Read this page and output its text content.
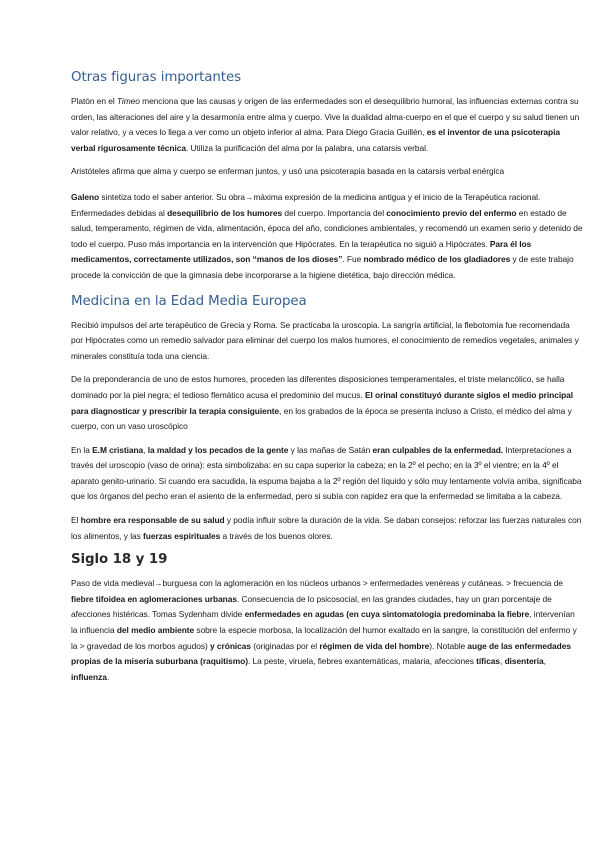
Otras figuras importantes

Platón en el Timeo menciona que las causas y origen de las enfermedades son el desequilibrio humoral, las influencias externas contra su orden, las alteraciones del aire y la desarmonía entre alma y cuerpo. Vive la dualidad alma-cuerpo en el que el cuerpo y su salud tienen un valor relativo, y a veces lo llega a ver como un objeto inferior al alma. Para Diego Gracia Guillén, es el inventor de una psicoterapia verbal rigurosamente técnica. Utiliza la purificación del alma por la palabra, una catarsis verbal.

Aristóteles afirma que alma y cuerpo se enferman juntos, y usó una psicoterapia basada en la catarsis verbal enérgica

Galeno sintetiza todo el saber anterior. Su obra→máxima expresión de la medicina antigua y el inicio de la Terapéutica racional. Enfermedades debidas al desequilibrio de los humores del cuerpo. Importancia del conocimiento previo del enfermo en estado de salud, temperamento, régimen de vida, alimentación, época del año, condiciones ambientales, y recomendó un examen serio y detenido de todo el cuerpo. Puso más importancia en la intervención que Hipócrates. En la terapéutica no siguió a Hipócrates. Para él los medicamentos, correctamente utilizados, son “manos de los dioses”. Fue nombrado médico de los gladiadores y de este trabajo procede la convicción de que la gimnasia debe incorporarse a la higiene dietética, bajo dirección médica.

Medicina en la Edad Media Europea

Recibió impulsos del arte terapéutico de Grecia y Roma. Se practicaba la uroscopia. La sangría artificial, la flebotomía fue recomendada por Hipócrates como un remedio salvador para eliminar del cuerpo los malos humores, el conocimiento de remedios vegetales, animales y minerales constituía toda una ciencia.

De la preponderancia de uno de estos humores, proceden las diferentes disposiciones temperamentales, el triste melancólico, se halla dominado por la piel negra; el tedioso flemático acusa el predominio del mucus. El orinal constituyó durante siglos el medio principal para diagnosticar y prescribir la terapia consiguiente, en los grabados de la época se presenta incluso a Cristo, el médico del alma y cuerpo, con un vaso uroscópico

En la E.M cristiana, la maldad y los pecados de la gente y las mañas de Satán eran culpables de la enfermedad. Interpretaciones a través del uroscopio (vaso de orina): esta simbolizaba: en su capa superior la cabeza; en la 2º el pecho; en la 3º el vientre; en la 4º el aparato genito-urinario. Si cuando era sacudida, la espuma bajaba a la 2º región del líquido y sólo muy lentamente volvía arriba, significaba que los órganos del pecho eran el asiento de la enfermedad, pero si subía con rapidez era que la enfermedad se limitaba a la cabeza.

El hombre era responsable de su salud y podía influir sobre la duración de la vida. Se daban consejos: reforzar las fuerzas naturales con los alimentos, y las fuerzas espirituales a través de los buenos olores.

Siglo 18 y 19

Paso de vida medieval→burguesa con la aglomeración en los núcleos urbanos > enfermedades venéreas y cutáneas. > frecuencia de fiebre tifoidea en aglomeraciones urbanas. Consecuencia de lo psicosocial, en las grandes ciudades, hay un gran porcentaje de afecciones histéricas. Tomas Sydenham divide enfermedades en agudas (en cuya sintomatología predominaba la fiebre, intervenían la influencia del medio ambiente sobre la especie morbosa, la localización del humor exaltado en la sangre, la constitución del enfermo y la > gravedad de los morbos agudos) y crónicas (originadas por el régimen de vida del hombre). Notable auge de las enfermedades propias de la miseria suburbana (raquitismo). La peste, viruela, fiebres exantemáticas, malaria, afecciones tíficas, disentería, influenza.
